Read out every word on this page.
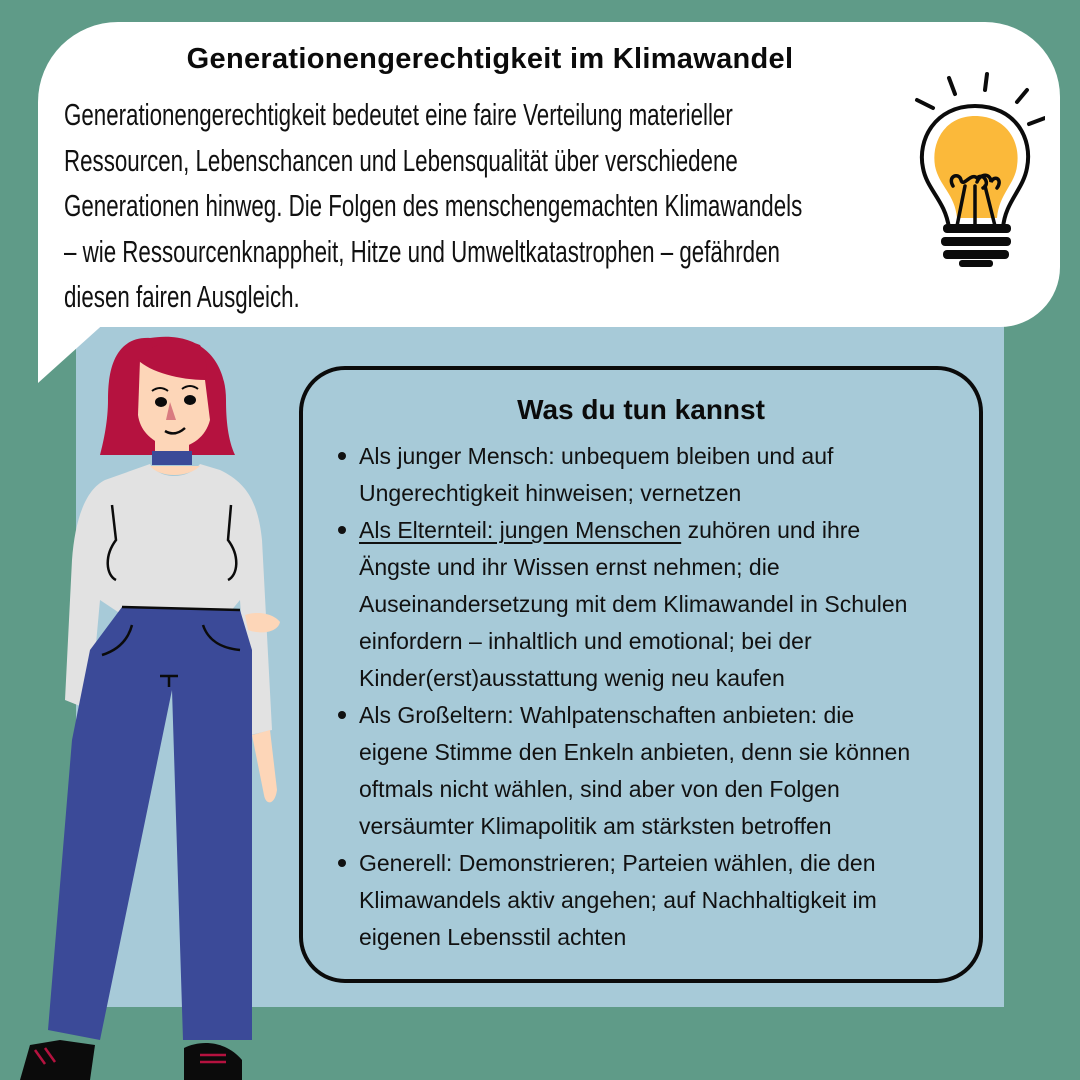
Generationengerechtigkeit im Klimawandel
Generationengerechtigkeit bedeutet eine faire Verteilung materieller
Ressourcen, Lebenschancen und Lebensqualität über verschiedene
Generationen hinweg. Die Folgen des menschengemachten Klimawandels
– wie Ressourcenknappheit, Hitze und Umweltkatastrophen – gefährden
diesen fairen Ausgleich.
Was du tun kannst
Als junger Mensch: unbequem bleiben und auf
Ungerechtigkeit hinweisen; vernetzen
Als Elternteil: jungen Menschen zuhören und ihre
Ängste und ihr Wissen ernst nehmen; die
Auseinandersetzung mit dem Klimawandel in Schulen
einfordern – inhaltlich und emotional; bei der
Kinder(erst)ausstattung wenig neu kaufen
Als Großeltern: Wahlpatenschaften anbieten: die
eigene Stimme den Enkeln anbieten, denn sie können
oftmals nicht wählen, sind aber von den Folgen
versäumter Klimapolitik am stärksten betroffen
Generell: Demonstrieren; Parteien wählen, die den
Klimawandels aktiv angehen; auf Nachhaltigkeit im
eigenen Lebensstil achten
